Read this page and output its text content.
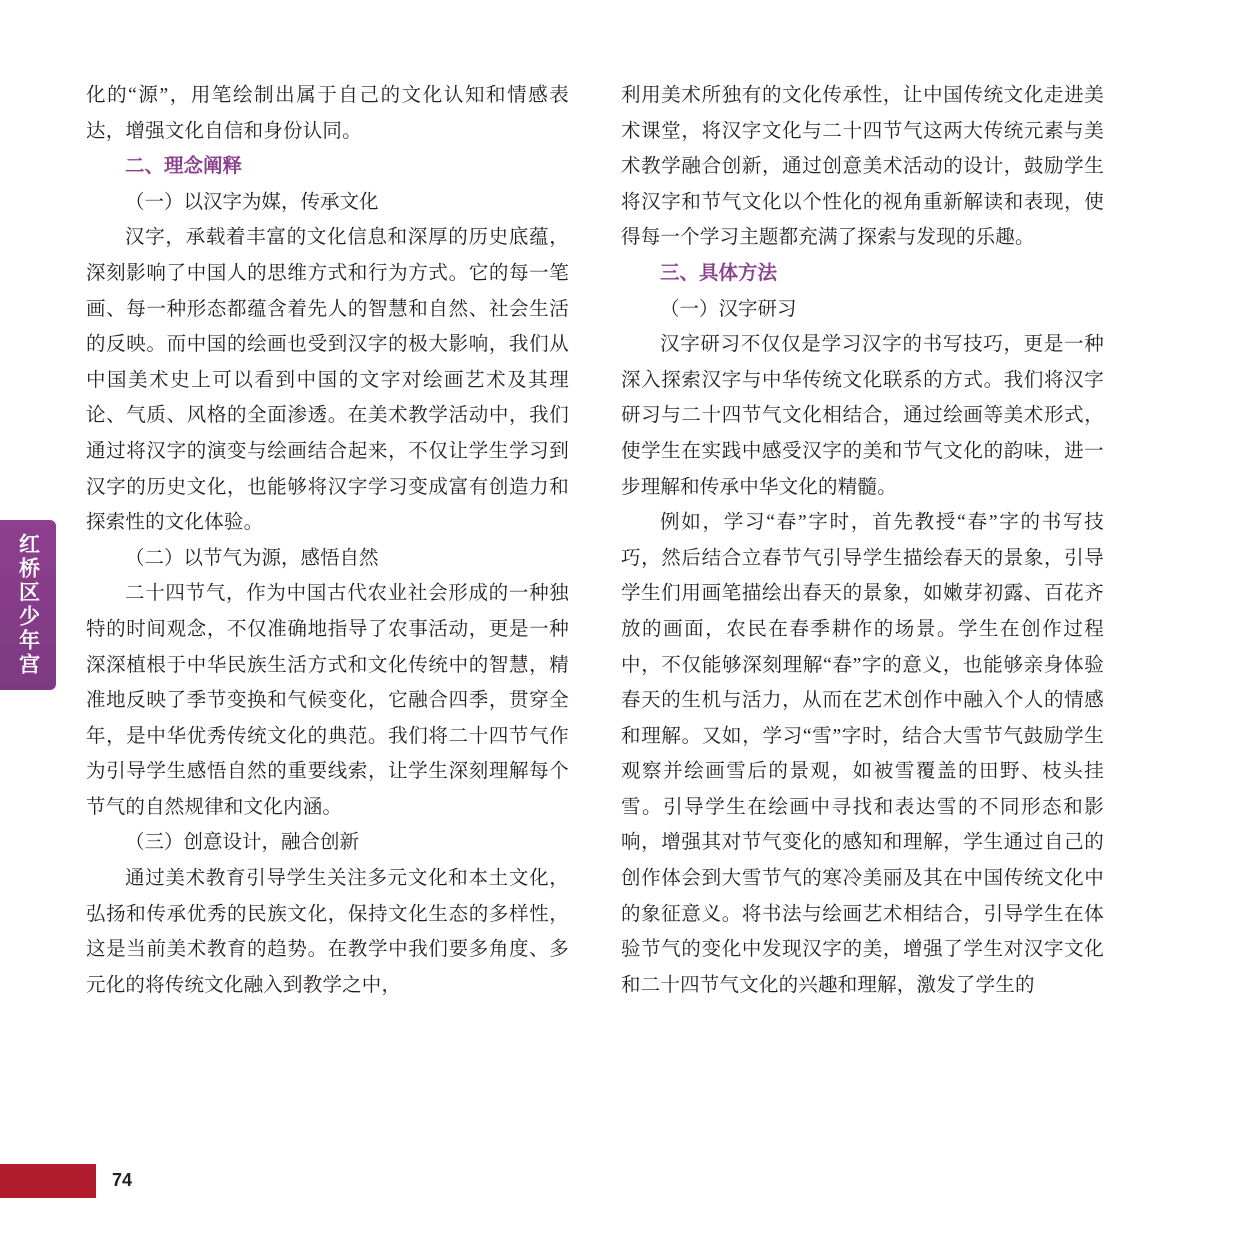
红桥区少年宫

化的“源”，用笔绘制出属于自己的文化认知和情感表达，增强文化自信和身份认同。

二、理念阐释

（一）以汉字为媒，传承文化

汉字，承载着丰富的文化信息和深厚的历史底蕴，深刻影响了中国人的思维方式和行为方式。它的每一笔画、每一种形态都蕴含着先人的智慧和自然、社会生活的反映。而中国的绘画也受到汉字的极大影响，我们从中国美术史上可以看到中国的文字对绘画艺术及其理论、气质、风格的全面渗透。在美术教学活动中，我们通过将汉字的演变与绘画结合起来，不仅让学生学习到汉字的历史文化，也能够将汉字学习变成富有创造力和探索性的文化体验。

（二）以节气为源，感悟自然

二十四节气，作为中国古代农业社会形成的一种独特的时间观念，不仅准确地指导了农事活动，更是一种深深植根于中华民族生活方式和文化传统中的智慧，精准地反映了季节变换和气候变化，它融合四季，贯穿全年，是中华优秀传统文化的典范。我们将二十四节气作为引导学生感悟自然的重要线索，让学生深刻理解每个节气的自然规律和文化内涵。

（三）创意设计，融合创新

通过美术教育引导学生关注多元文化和本土文化，弘扬和传承优秀的民族文化，保持文化生态的多样性，这是当前美术教育的趋势。在教学中我们要多角度、多元化的将传统文化融入到教学之中，

利用美术所独有的文化传承性，让中国传统文化走进美术课堂，将汉字文化与二十四节气这两大传统元素与美术教学融合创新，通过创意美术活动的设计，鼓励学生将汉字和节气文化以个性化的视角重新解读和表现，使得每一个学习主题都充满了探索与发现的乐趣。

三、具体方法

（一）汉字研习

汉字研习不仅仅是学习汉字的书写技巧，更是一种深入探索汉字与中华传统文化联系的方式。我们将汉字研习与二十四节气文化相结合，通过绘画等美术形式，使学生在实践中感受汉字的美和节气文化的韵味，进一步理解和传承中华文化的精髓。

例如，学习“春”字时，首先教授“春”字的书写技巧，然后结合立春节气引导学生描绘春天的景象，引导学生们用画笔描绘出春天的景象，如嫩芽初露、百花齐放的画面，农民在春季耕作的场景。学生在创作过程中，不仅能够深刻理解“春”字的意义，也能够亲身体验春天的生机与活力，从而在艺术创作中融入个人的情感和理解。又如，学习“雪”字时，结合大雪节气鼓励学生观察并绘画雪后的景观，如被雪覆盖的田野、枝头挂雪。引导学生在绘画中寻找和表达雪的不同形态和影响，增强其对节气变化的感知和理解，学生通过自己的创作体会到大雪节气的寒冷美丽及其在中国传统文化中的象征意义。将书法与绘画艺术相结合，引导学生在体验节气的变化中发现汉字的美，增强了学生对汉字文化和二十四节气文化的兴趣和理解，激发了学生的

74
